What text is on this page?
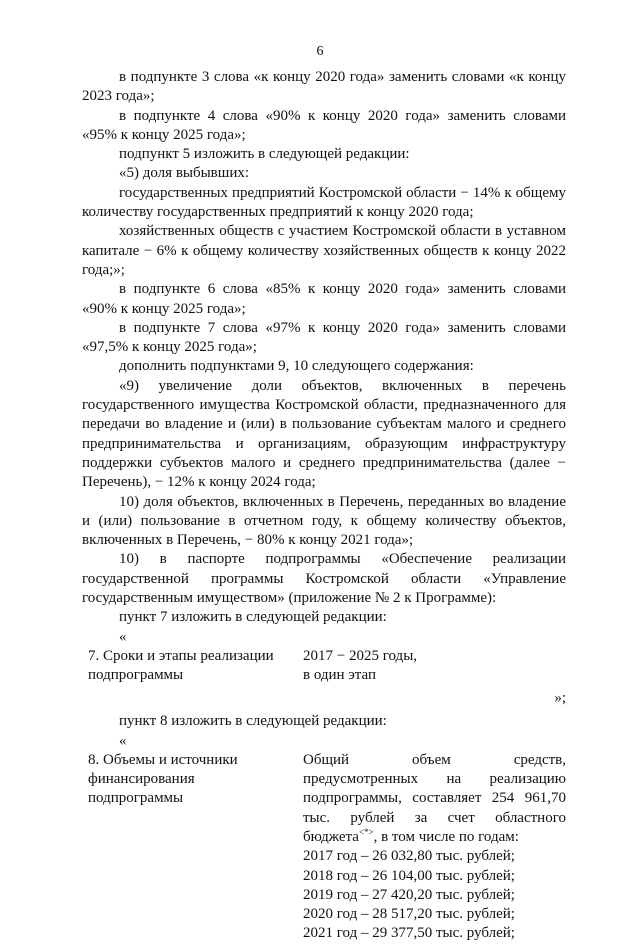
6

в подпункте 3 слова «к концу 2020 года» заменить словами «к концу 2023 года»;

в подпункте 4 слова «90% к концу 2020 года» заменить словами «95% к концу 2025 года»;

подпункт 5 изложить в следующей редакции:

«5) доля выбывших:

государственных предприятий Костромской области − 14% к общему количеству государственных предприятий к концу 2020 года;

хозяйственных обществ с участием Костромской области в уставном капитале − 6% к общему количеству хозяйственных обществ к концу 2022 года;»;

в подпункте 6 слова «85% к концу 2020 года» заменить словами «90% к концу 2025 года»;

в подпункте 7 слова «97% к концу 2020 года» заменить словами «97,5% к концу 2025 года»;

дополнить подпунктами 9, 10 следующего содержания:

«9) увеличение доли объектов, включенных в перечень государственного имущества Костромской области, предназначенного для передачи во владение и (или) в пользование субъектам малого и среднего предпринимательства и организациям, образующим инфраструктуру поддержки субъектов малого и среднего предпринимательства (далее − Перечень), − 12% к концу 2024 года;

10) доля объектов, включенных в Перечень, переданных во владение и (или) пользование в отчетном году, к общему количеству объектов, включенных в Перечень, − 80% к концу 2021 года»;

10) в паспорте подпрограммы «Обеспечение реализации государственной программы Костромской области «Управление государственным имуществом» (приложение № 2 к Программе):

пункт 7 изложить в следующей редакции:

«

7. Сроки и этапы реализации подпрограммы
2017 − 2025 годы,
в один этап

»;

пункт 8 изложить в следующей редакции:

«

8. Объемы и источники финансирования подпрограммы
Общий объем средств, предусмотренных на реализацию подпрограммы, составляет 254 961,70 тыс. рублей за счет областного бюджета<*>, в том числе по годам:
2017 год – 26 032,80 тыс. рублей;
2018 год – 26 104,00 тыс. рублей;
2019 год – 27 420,20 тыс. рублей;
2020 год – 28 517,20 тыс. рублей;
2021 год – 29 377,50 тыс. рублей;
